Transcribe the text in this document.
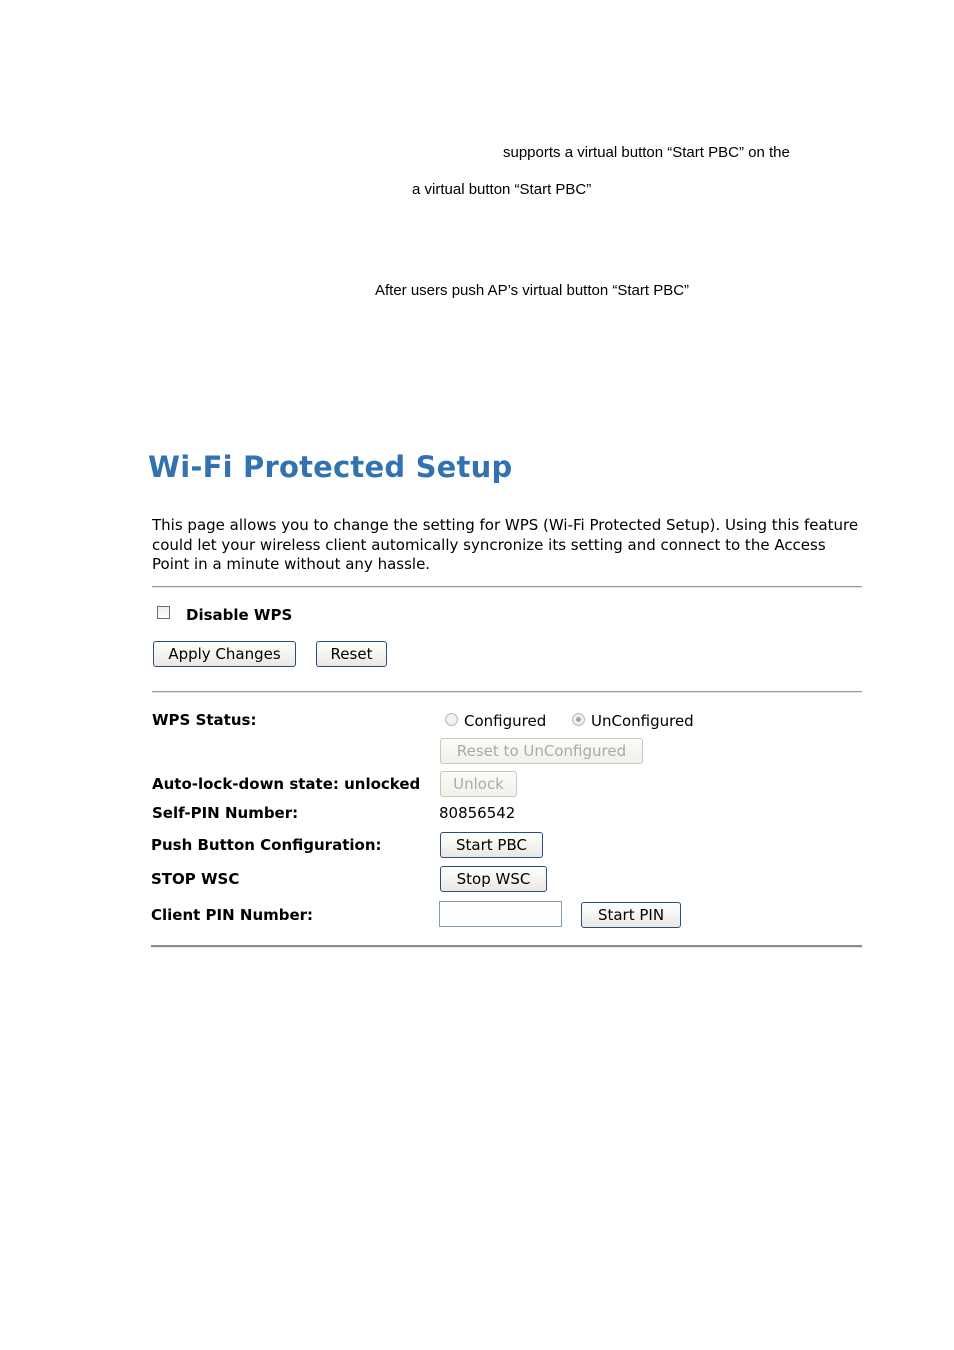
supports a virtual button “Start PBC” on the
a virtual button “Start PBC”
After users push AP’s virtual button “Start PBC”
Wi-Fi Protected Setup
This page allows you to change the setting for WPS (Wi-Fi Protected Setup). Using this feature could let your wireless client automically syncronize its setting and connect to the Access Point in a minute without any hassle.
Disable WPS
Apply Changes	Reset
WPS Status:	Configured	UnConfigured
Reset to UnConfigured
Auto-lock-down state: unlocked	Unlock
Self-PIN Number:	80856542
Push Button Configuration:	Start PBC
STOP WSC	Stop WSC
Client PIN Number:	Start PIN
